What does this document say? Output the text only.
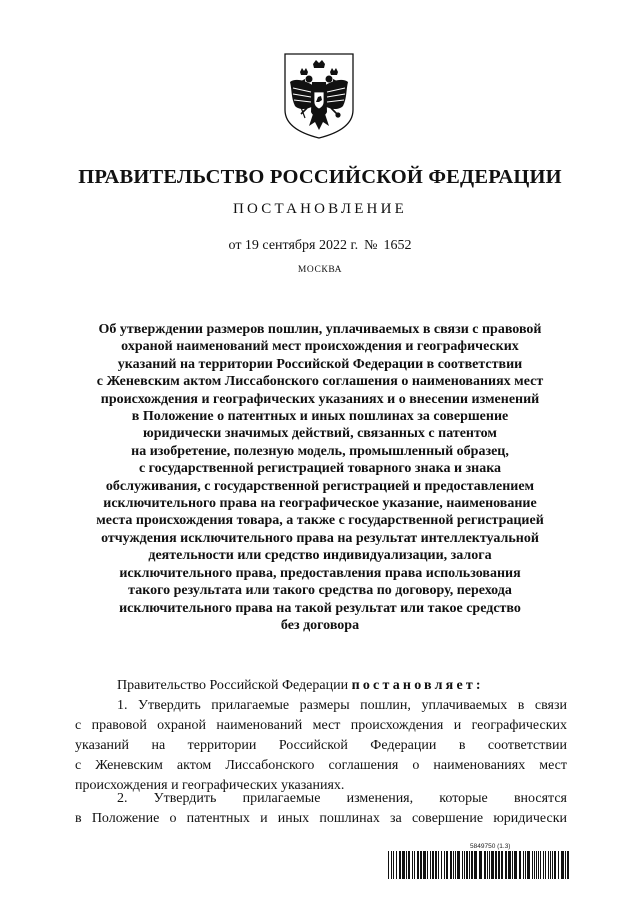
ПРАВИТЕЛЬСТВО РОССИЙСКОЙ ФЕДЕРАЦИИ
ПОСТАНОВЛЕНИЕ
от 19 сентября 2022 г. № 1652
МОСКВА
Об утверждении размеров пошлин, уплачиваемых в связи с правовой
охраной наименований мест происхождения и географических
указаний на территории Российской Федерации в соответствии
с Женевским актом Лиссабонского соглашения о наименованиях мест
происхождения и географических указаниях и о внесении изменений
в Положение о патентных и иных пошлинах за совершение
юридически значимых действий, связанных с патентом
на изобретение, полезную модель, промышленный образец,
с государственной регистрацией товарного знака и знака
обслуживания, с государственной регистрацией и предоставлением
исключительного права на географическое указание, наименование
места происхождения товара, а также с государственной регистрацией
отчуждения исключительного права на результат интеллектуальной
деятельности или средство индивидуализации, залога
исключительного права, предоставления права использования
такого результата или такого средства по договору, перехода
исключительного права на такой результат или такое средство
без договора
Правительство Российской Федерации постановляет:
1. Утвердить прилагаемые размеры пошлин, уплачиваемых в связи
с правовой охраной наименований мест происхождения и географических
указаний на территории Российской Федерации в соответствии
с Женевским актом Лиссабонского соглашения о наименованиях мест
происхождения и географических указаниях.
2. Утвердить прилагаемые изменения, которые вносятся
в Положение о патентных и иных пошлинах за совершение юридически
5849750 (1.3)
